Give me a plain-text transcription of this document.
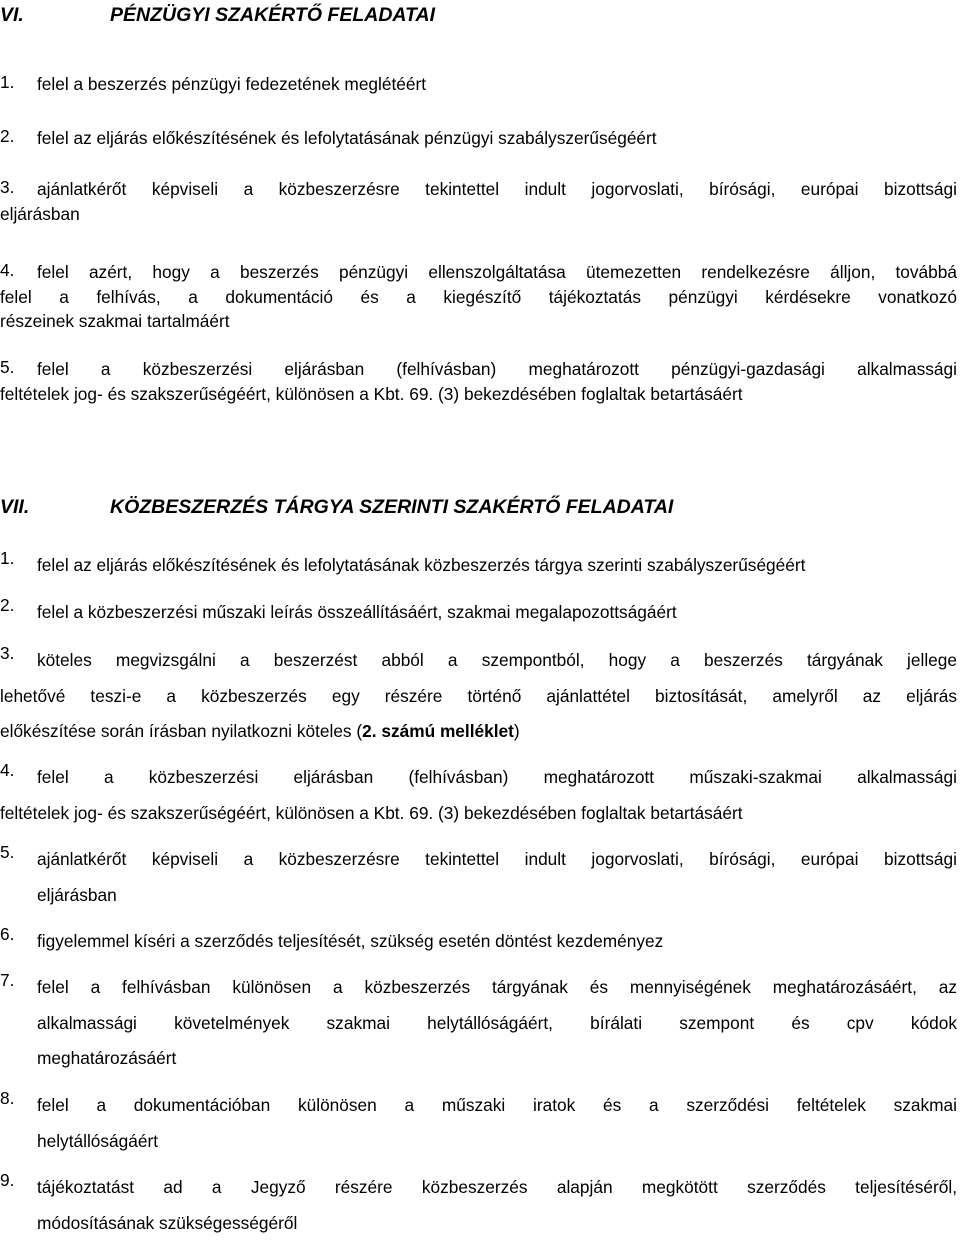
VI.	PÉNZÜGYI SZAKÉRTŐ FELADATAI
1. felel a beszerzés pénzügyi fedezetének meglétéért
2. felel az eljárás előkészítésének és lefolytatásának pénzügyi szabályszerűségéért
3. ajánlatkérőt képviseli a közbeszerzésre tekintettel indult jogorvoslati, bírósági, európai bizottsági
eljárásban
4. felel azért, hogy a beszerzés pénzügyi ellenszolgáltatása ütemezetten rendelkezésre álljon, továbbá
felel a felhívás, a dokumentáció és a kiegészítő tájékoztatás pénzügyi kérdésekre vonatkozó
részeinek szakmai tartalmáért
5. felel a közbeszerzési eljárásban (felhívásban) meghatározott pénzügyi-gazdasági alkalmassági
feltételek jog- és szakszerűségéért, különösen a Kbt. 69. (3) bekezdésében foglaltak betartásáért
VII.	KÖZBESZERZÉS TÁRGYA SZERINTI SZAKÉRTŐ FELADATAI
1. felel az eljárás előkészítésének és lefolytatásának közbeszerzés tárgya szerinti szabályszerűségéért
2. felel a közbeszerzési műszaki leírás összeállításáért, szakmai megalapozottságáért
3. köteles megvizsgálni a beszerzést abból a szempontból, hogy a beszerzés tárgyának jellege
lehetővé teszi-e a közbeszerzés egy részére történő ajánlattétel biztosítását, amelyről az eljárás
előkészítése során írásban nyilatkozni köteles (2. számú melléklet)
4. felel a közbeszerzési eljárásban (felhívásban) meghatározott műszaki-szakmai alkalmassági
feltételek jog- és szakszerűségéért, különösen a Kbt. 69. (3) bekezdésében foglaltak betartásáért
5. ajánlatkérőt képviseli a közbeszerzésre tekintettel indult jogorvoslati, bírósági, európai bizottsági
eljárásban
6. figyelemmel kíséri a szerződés teljesítését, szükség esetén döntést kezdeményez
7. felel a felhívásban különösen a közbeszerzés tárgyának és mennyiségének meghatározásáért, az
alkalmassági követelmények szakmai helytállóságáért, bírálati szempont és cpv kódok
meghatározásáért
8. felel a dokumentációban különösen a műszaki iratok és a szerződési feltételek szakmai
helytállóságáért
9. tájékoztatást ad a Jegyző részére közbeszerzés alapján megkötött szerződés teljesítéséről,
módosításának szükségességéről
